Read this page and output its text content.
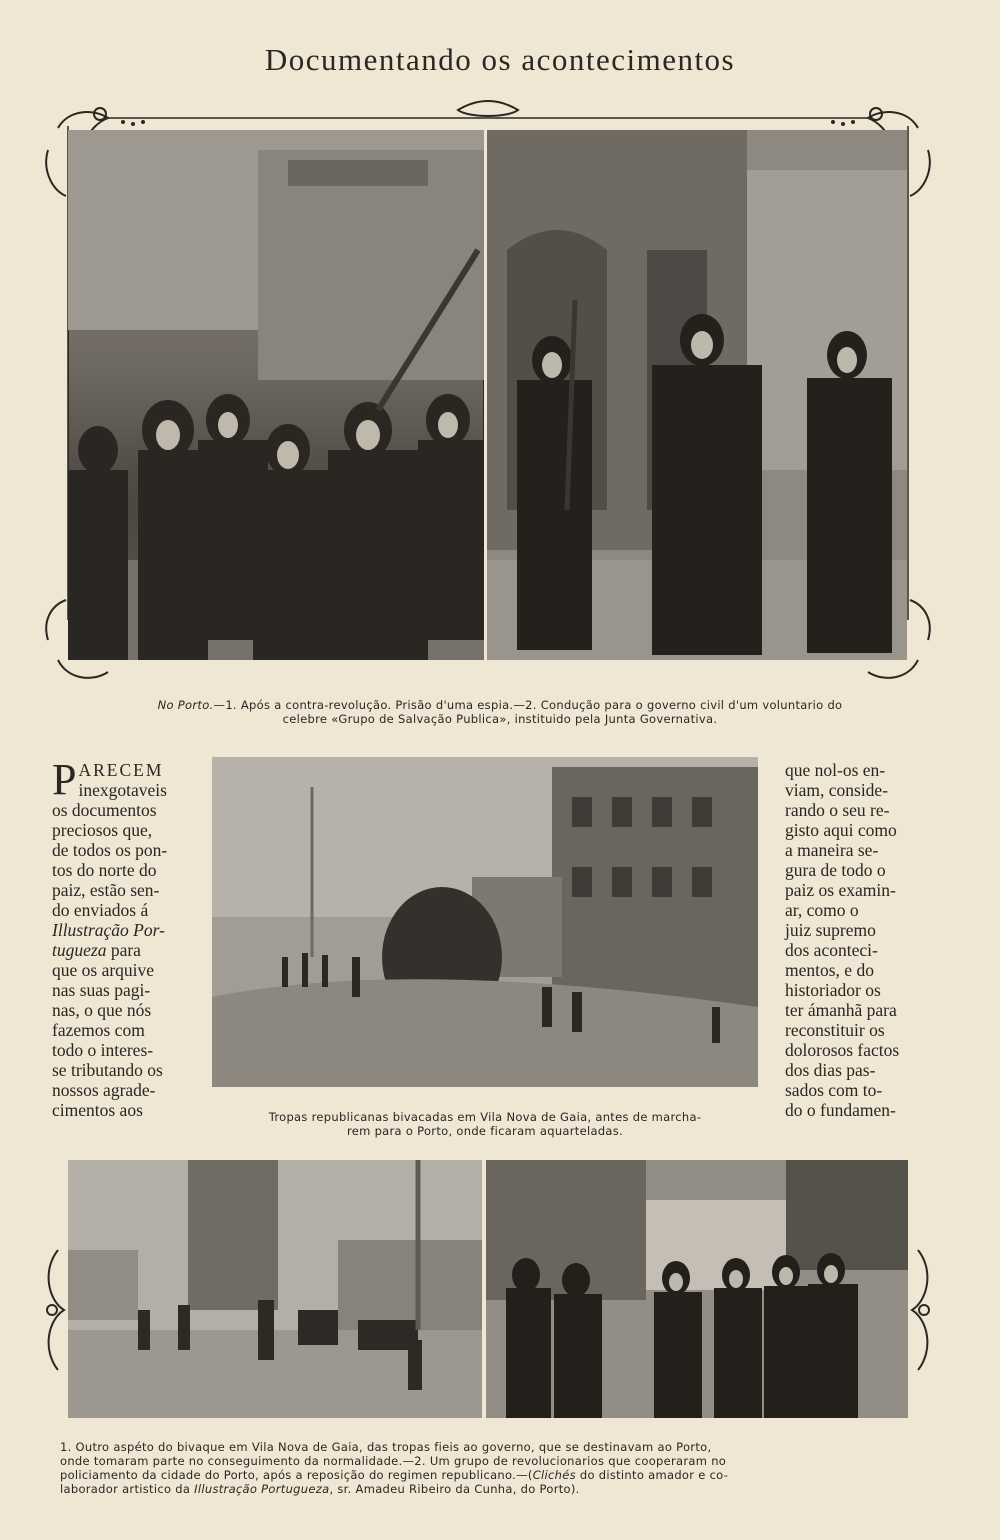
Documentando os acontecimentos
No Porto.—1. Após a contra-revolução. Prisão d'uma espia.—2. Condução para o governo civil d'um voluntario do
celebre «Grupo de Salvação Publica», instituido pela Junta Governativa.
PARECEM
inexgotaveis
os documentos
preciosos que,
de todos os pon-
tos do norte do
paiz, estão sen-
do enviados á
Illustração Por-
tugueza para
que os arquive
nas suas pagi-
nas, o que nós
fazemos com
todo o interes-
se tributando os
nossos agrade-
cimentos aos	Tropas republicanas bivacadas em Vila Nova de Gaia, antes de marcha-
rem para o Porto, onde ficaram aquarteladas.
que nol-os en-
viam, conside-
rando o seu re-
gisto aqui como
a maneira se-
gura de todo o
paiz os examin-
ar, como o
juiz supremo
dos aconteci-
mentos, e do
historiador os
ter ámanhã para
reconstituir os
dolorosos factos
dos dias pas-
sados com to-
do o fundamen-
1. Outro aspéto do bivaque em Vila Nova de Gaia, das tropas fieis ao governo, que se destinavam ao Porto,
onde tomaram parte no conseguimento da normalidade.—2. Um grupo de revolucionarios que cooperaram no
policiamento da cidade do Porto, após a reposição do regimen republicano.—(Clichés do distinto amador e co-
laborador artistico da Illustração Portugueza, sr. Amadeu Ribeiro da Cunha, do Porto).
